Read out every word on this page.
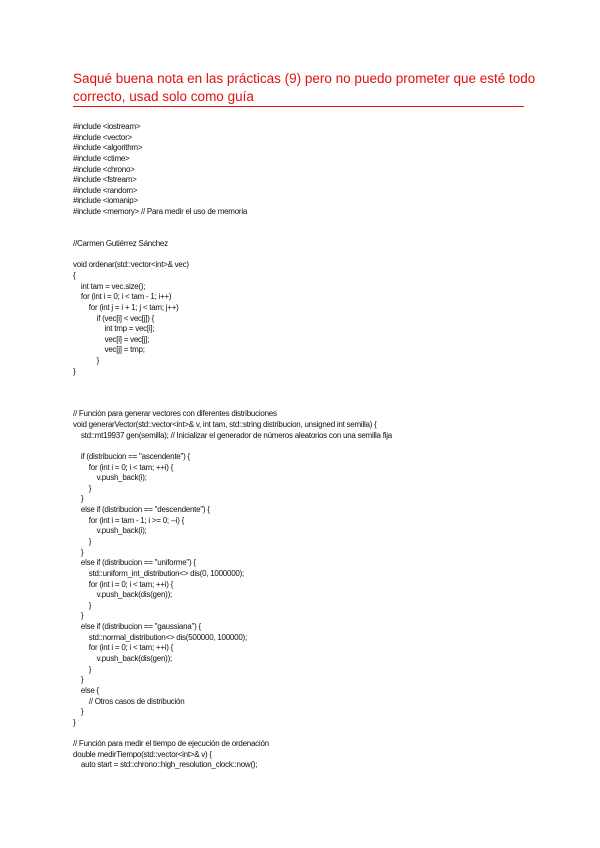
Saqué buena nota en las prácticas (9) pero no puedo prometer que esté todo correcto, usad solo como guía
#include <iostream>
#include <vector>
#include <algorithm>
#include <ctime>
#include <chrono>
#include <fstream>
#include <random>
#include <iomanip>
#include <memory> // Para medir el uso de memoria
//Carmen Gutiérrez Sánchez
void ordenar(std::vector<int>& vec)
{
int tam = vec.size();
for (int i = 0; i < tam - 1; i++)
for (int j = i + 1; j < tam; j++)
if (vec[i] < vec[j]) {
int tmp = vec[i];
vec[i] = vec[j];
vec[j] = tmp;
}
}
// Función para generar vectores con diferentes distribuciones
void generarVector(std::vector<int>& v, int tam, std::string distribucion, unsigned int semilla) {
std::mt19937 gen(semilla); // Inicializar el generador de números aleatorios con una semilla fija
if (distribucion == "ascendente") {
for (int i = 0; i < tam; ++i) {
v.push_back(i);
}
}
else if (distribucion == "descendente") {
for (int i = tam - 1; i >= 0; --i) {
v.push_back(i);
}
}
else if (distribucion == "uniforme") {
std::uniform_int_distribution<> dis(0, 1000000);
for (int i = 0; i < tam; ++i) {
v.push_back(dis(gen));
}
}
else if (distribucion == "gaussiana") {
std::normal_distribution<> dis(500000, 100000);
for (int i = 0; i < tam; ++i) {
v.push_back(dis(gen));
}
}
else {
// Otros casos de distribución
}
}
// Función para medir el tiempo de ejecución de ordenación
double medirTiempo(std::vector<int>& v) {
auto start = std::chrono::high_resolution_clock::now();
